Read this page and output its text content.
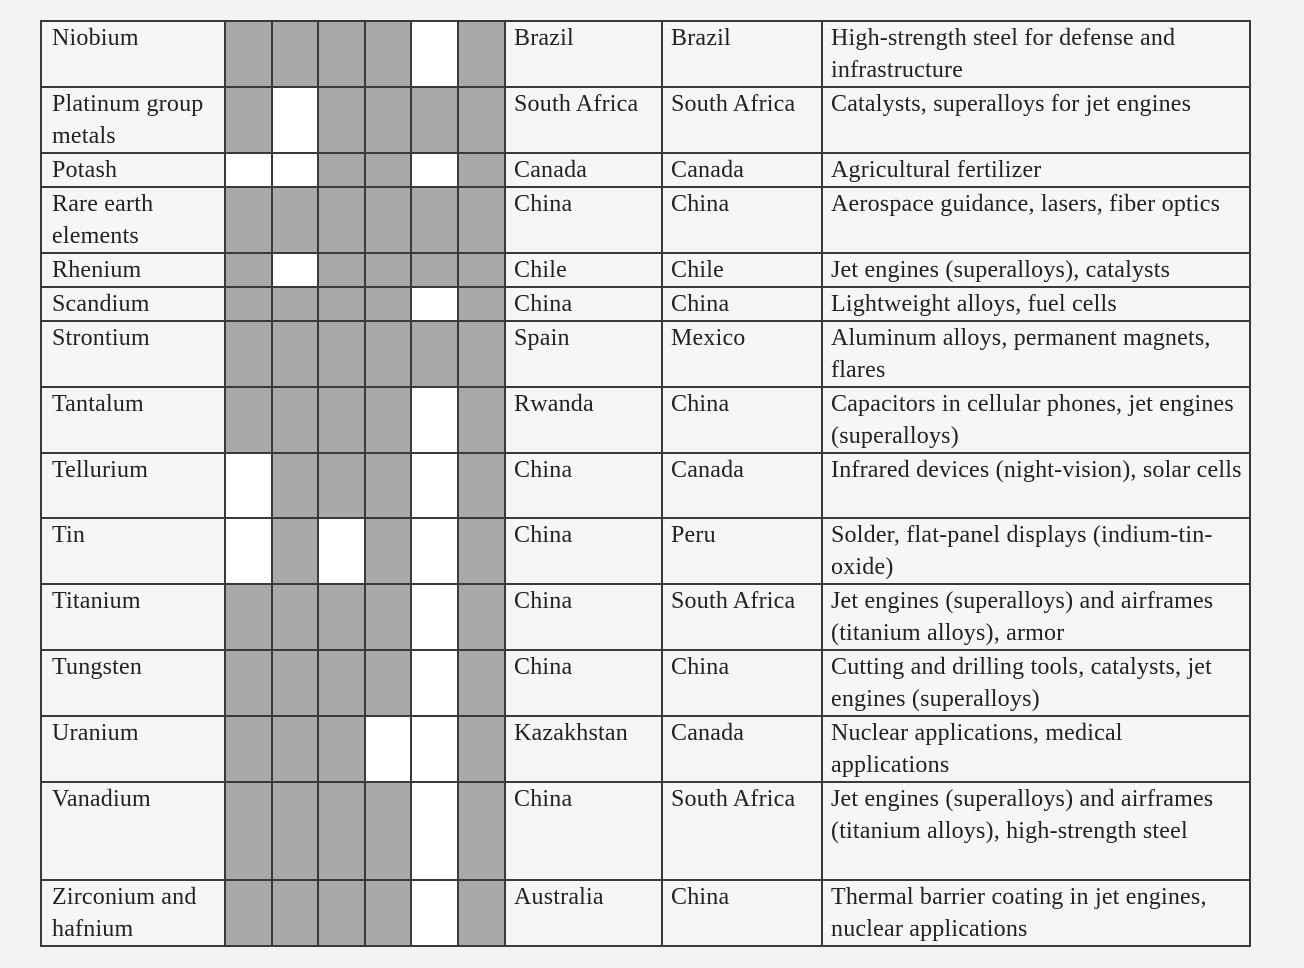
Niobium							Brazil	Brazil	High-strength steel for defense and infrastructure
Platinum group metals							South Africa	South Africa	Catalysts, superalloys for jet engines
Potash							Canada	Canada	Agricultural fertilizer
Rare earth elements							China	China	Aerospace guidance, lasers, fiber optics
Rhenium							Chile	Chile	Jet engines (superalloys), catalysts
Scandium							China	China	Lightweight alloys, fuel cells
Strontium							Spain	Mexico	Aluminum alloys, permanent magnets, flares
Tantalum							Rwanda	China	Capacitors in cellular phones, jet engines (superalloys)
Tellurium							China	Canada	Infrared devices (night-vision), solar cells
Tin							China	Peru	Solder, flat-panel displays (indium-tin-oxide)
Titanium							China	South Africa	Jet engines (superalloys) and airframes (titanium alloys), armor
Tungsten							China	China	Cutting and drilling tools, catalysts, jet engines (superalloys)
Uranium							Kazakhstan	Canada	Nuclear applications, medical applications
Vanadium							China	South Africa	Jet engines (superalloys) and airframes (titanium alloys), high-strength steel
Zirconium and hafnium							Australia	China	Thermal barrier coating in jet engines, nuclear applications
